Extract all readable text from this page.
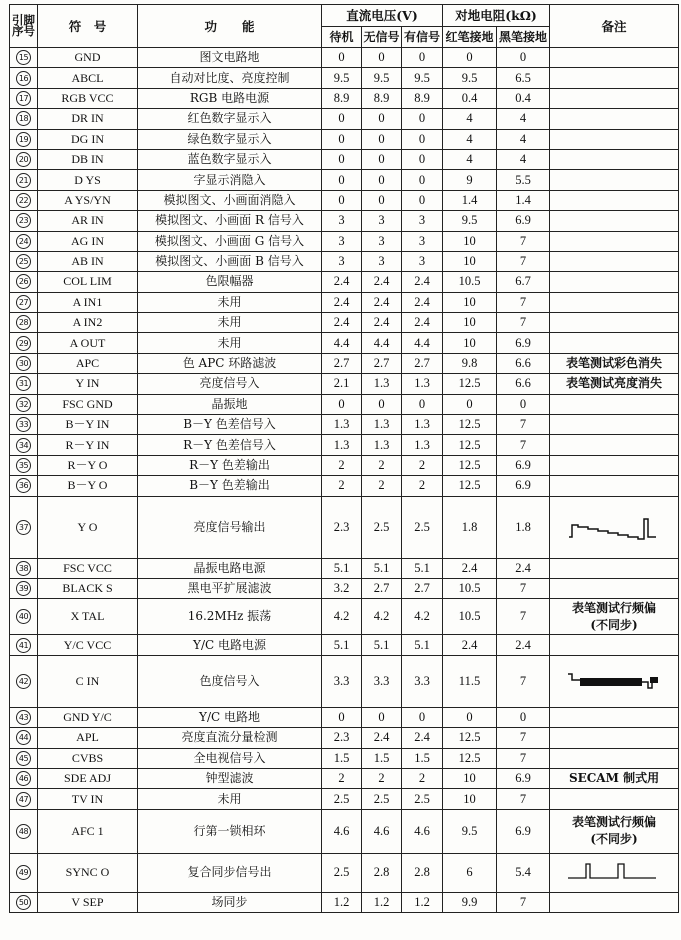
引脚序号	符　号	功　　能	直流电压(V)			对地电阻(kΩ)		备注
			待机	无信号	有信号	红笔接地	黑笔接地	
15	GND	图文电路地	0	0	0	0	0	
16	ABCL	自动对比度、亮度控制	9.5	9.5	9.5	9.5	6.5	
17	RGB VCC	RGB 电路电源	8.9	8.9	8.9	0.4	0.4	
18	DR IN	红色数字显示入	0	0	0	4	4	
19	DG IN	绿色数字显示入	0	0	0	4	4	
20	DB IN	蓝色数字显示入	0	0	0	4	4	
21	D YS	字显示消隐入	0	0	0	9	5.5	
22	A YS/YN	模拟图文、小画面消隐入	0	0	0	1.4	1.4	
23	AR IN	模拟图文、小画面 R 信号入	3	3	3	9.5	6.9	
24	AG IN	模拟图文、小画面 G 信号入	3	3	3	10	7	
25	AB IN	模拟图文、小画面 B 信号入	3	3	3	10	7	
26	COL LIM	色限幅器	2.4	2.4	2.4	10.5	6.7	
27	A IN1	未用	2.4	2.4	2.4	10	7	
28	A IN2	未用	2.4	2.4	2.4	10	7	
29	A OUT	未用	4.4	4.4	4.4	10	6.9	
30	APC	色 APC 环路滤波	2.7	2.7	2.7	9.8	6.6	表笔测试彩色消失

31	Y IN	亮度信号入	2.1	1.3	1.3	12.5	6.6	表笔测试亮度消失

32	FSC GND	晶振地	0	0	0	0	0	
33	B－Y IN	B－Y 色差信号入	1.3	1.3	1.3	12.5	7	
34	R－Y IN	R－Y 色差信号入	1.3	1.3	1.3	12.5	7	
35	R－Y O	R－Y 色差输出	2	2	2	12.5	6.9	
36	B－Y O	B－Y 色差输出	2	2	2	12.5	6.9	
37	Y O	亮度信号输出	2.3	2.5	2.5	1.8	1.8	

38	FSC VCC	晶振电路电源	5.1	5.1	5.1	2.4	2.4	
39	BLACK S	黑电平扩展滤波	3.2	2.7	2.7	10.5	7	
40	X TAL	16.2MHz 振荡	4.2	4.2	4.2	10.5	7	表笔测试行频偏
(不同步)

41	Y/C VCC	Y/C 电路电源	5.1	5.1	5.1	2.4	2.4	
42	C IN	色度信号入	3.3	3.3	3.3	11.5	7	

43	GND Y/C	Y/C 电路地	0	0	0	0	0	
44	APL	亮度直流分量检测	2.3	2.4	2.4	12.5	7	
45	CVBS	全电视信号入	1.5	1.5	1.5	12.5	7	
46	SDE ADJ	钟型滤波	2	2	2	10	6.9	SECAM 制式用

47	TV IN	未用	2.5	2.5	2.5	10	7	
48	AFC 1	行第一锁相环	4.6	4.6	4.6	9.5	6.9	表笔测试行频偏
(不同步)

49	SYNC O	复合同步信号出	2.5	2.8	2.8	6	5.4	

50	V SEP	场同步	1.2	1.2	1.2	9.9	7	
